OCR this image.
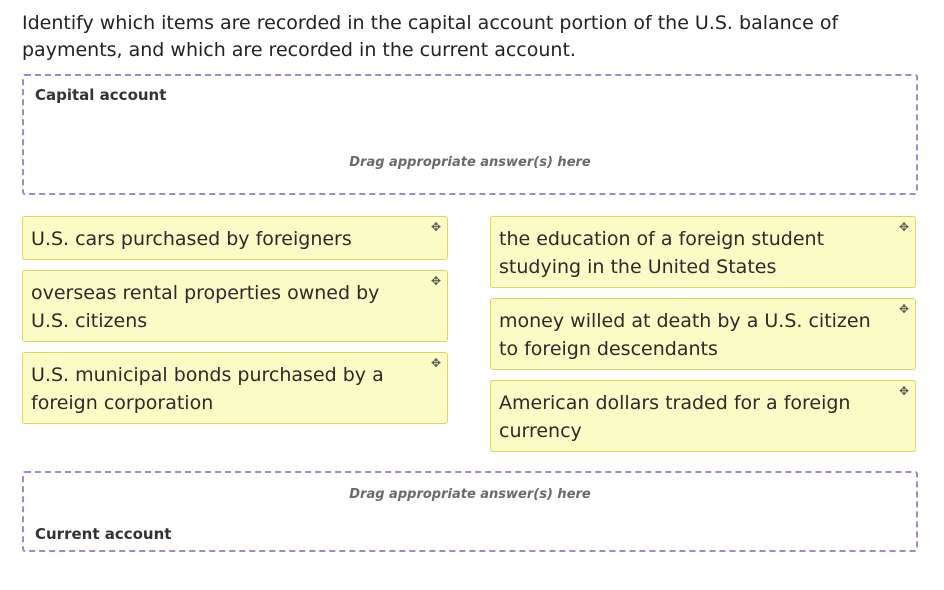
Identify which items are recorded in the capital account portion of the U.S. balance of payments, and which are recorded in the current account.
Capital account
Drag appropriate answer(s) here
U.S. cars purchased by foreigners
✥
overseas rental properties owned by U.S. citizens
✥
U.S. municipal bonds purchased by a foreign corporation
✥
the education of a foreign student studying in the United States
✥
money willed at death by a U.S. citizen to foreign descendants
✥
American dollars traded for a foreign currency
✥
Drag appropriate answer(s) here
Current account
